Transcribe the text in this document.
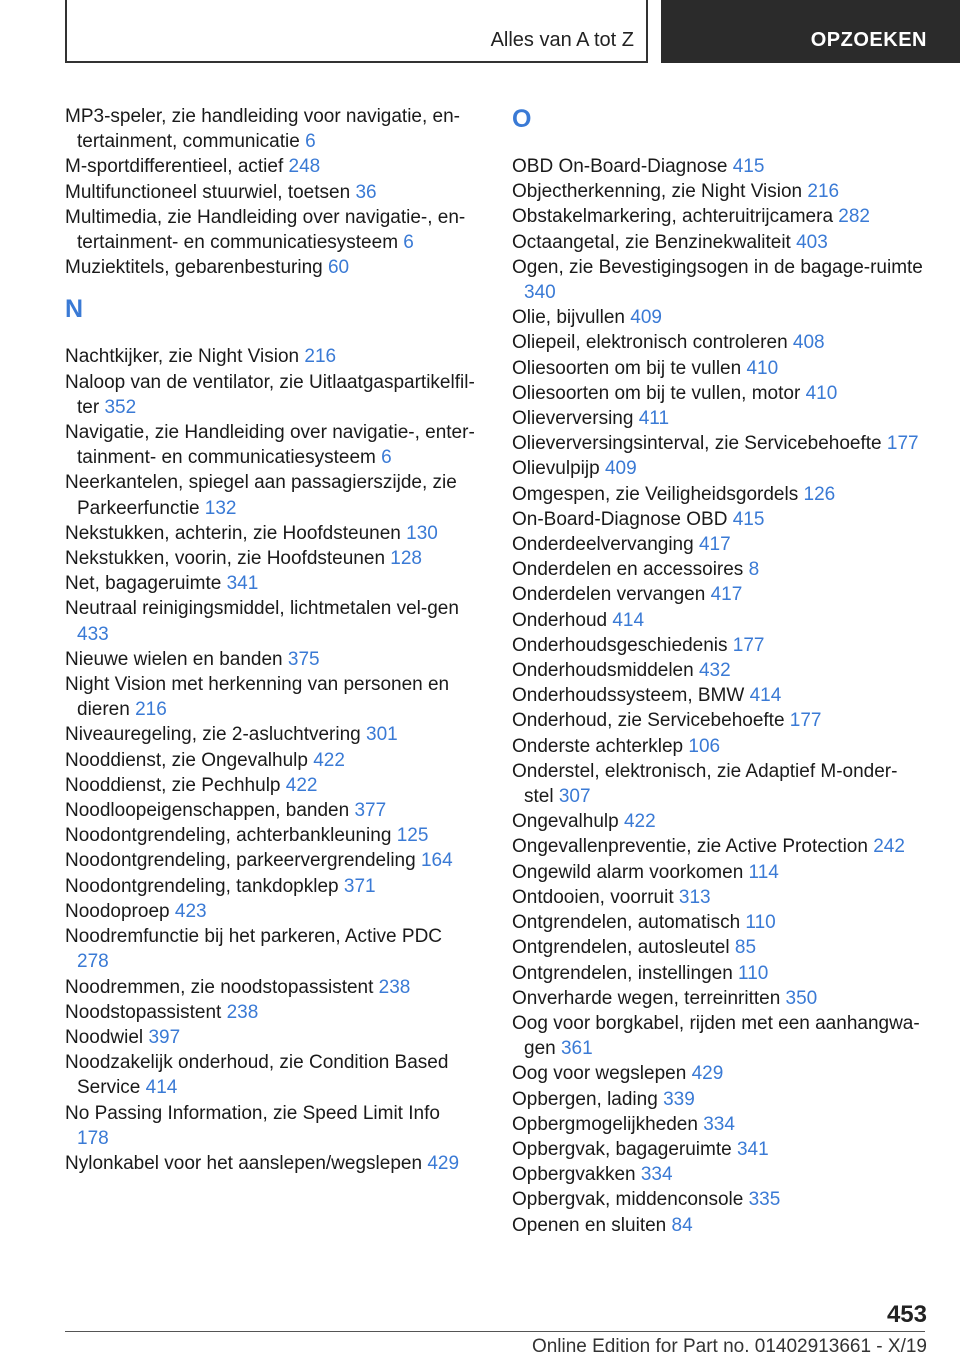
Alles van A tot Z	OPZOEKEN

MP3-speler, zie handleiding voor navigatie, en‐tertainment, communicatie 6

M-sportdifferentieel, actief 248

Multifunctioneel stuurwiel, toetsen 36

Multimedia, zie Handleiding over navigatie-, en‐tertainment- en communicatiesysteem 6

Muziektitels, gebarenbesturing 60

N

Nachtkijker, zie Night Vision 216

Naloop van de ventilator, zie Uitlaatgaspartikelfil‐ter 352

Navigatie, zie Handleiding over navigatie-, enter‐tainment- en communicatiesysteem 6

Neerkantelen, spiegel aan passagierszijde, zie Parkeerfunctie 132

Nekstukken, achterin, zie Hoofdsteunen 130

Nekstukken, voorin, zie Hoofdsteunen 128

Net, bagageruimte 341

Neutraal reinigingsmiddel, lichtmetalen vel‐gen 433

Nieuwe wielen en banden 375

Night Vision met herkenning van personen en dieren 216

Niveauregeling, zie 2-asluchtvering 301

Nooddienst, zie Ongevalhulp 422

Nooddienst, zie Pechhulp 422

Noodloopeigenschappen, banden 377

Noodontgrendeling, achterbankleuning 125

Noodontgrendeling, parkeervergrendeling 164

Noodontgrendeling, tankdopklep 371

Noodoproep 423

Noodremfunctie bij het parkeren, Active PDC 278

Noodremmen, zie noodstopassistent 238

Noodstopassistent 238

Noodwiel 397

Noodzakelijk onderhoud, zie Condition Based Service 414

No Passing Information, zie Speed Limit Info 178

Nylonkabel voor het aanslepen/wegslepen 429

O

OBD On-Board-Diagnose 415

Objectherkenning, zie Night Vision 216

Obstakelmarkering, achteruitrijcamera 282

Octaangetal, zie Benzinekwaliteit 403

Ogen, zie Bevestigingsogen in de bagage‐ruimte 340

Olie, bijvullen 409

Oliepeil, elektronisch controleren 408

Oliesoorten om bij te vullen 410

Oliesoorten om bij te vullen, motor 410

Olieverversing 411

Olieverversingsinterval, zie Servicebehoefte 177

Olievulpijp 409

Omgespen, zie Veiligheidsgordels 126

On-Board-Diagnose OBD 415

Onderdeelvervanging 417

Onderdelen en accessoires 8

Onderdelen vervangen 417

Onderhoud 414

Onderhoudsgeschiedenis 177

Onderhoudsmiddelen 432

Onderhoudssysteem, BMW 414

Onderhoud, zie Servicebehoefte 177

Onderste achterklep 106

Onderstel, elektronisch, zie Adaptief M-onder‐stel 307

Ongevalhulp 422

Ongevallenpreventie, zie Active Protection 242

Ongewild alarm voorkomen 114

Ontdooien, voorruit 313

Ontgrendelen, automatisch 110

Ontgrendelen, autosleutel 85

Ontgrendelen, instellingen 110

Onverharde wegen, terreinritten 350

Oog voor borgkabel, rijden met een aanhangwa‐gen 361

Oog voor wegslepen 429

Opbergen, lading 339

Opbergmogelijkheden 334

Opbergvak, bagageruimte 341

Opbergvakken 334

Opbergvak, middenconsole 335

Openen en sluiten 84

453
Online Edition for Part no. 01402913661 - X/19
